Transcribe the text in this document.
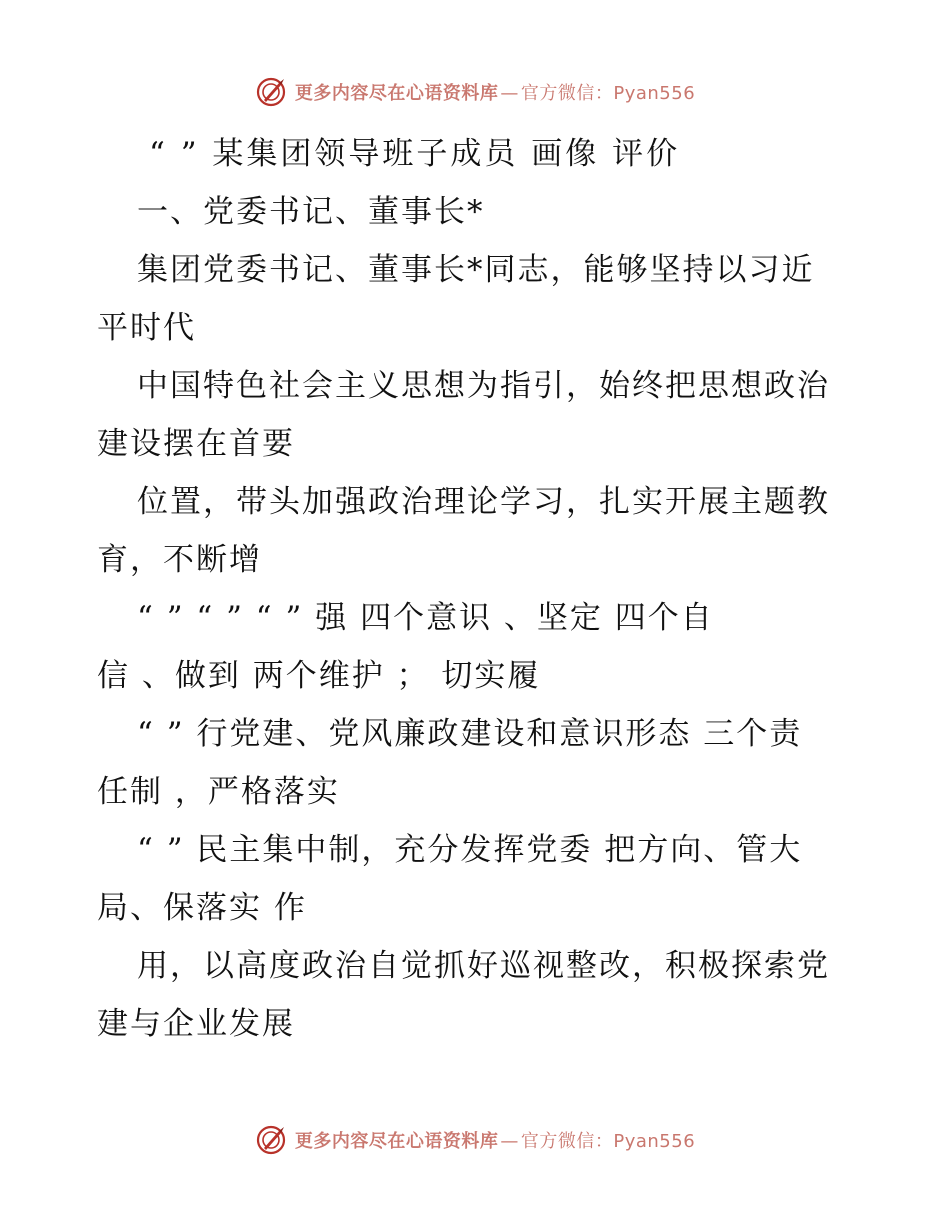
更多内容尽在心语资料库 — 官方微信：Pyan556
“ ” 某集团领导班子成员 画像 评价
一、党委书记、董事长*
集团党委书记、董事长*同志，能够坚持以习近
平时代
中国特色社会主义思想为指引，始终把思想政治
建设摆在首要
位置，带头加强政治理论学习，扎实开展主题教
育，不断增
“ ” “ ” “ ” 强 四个意识 、坚定 四个自
信 、做到 两个维护 ； 切实履
“ ” 行党建、党风廉政建设和意识形态 三个责
任制 ，严格落实
“ ” 民主集中制，充分发挥党委 把方向、管大
局、保落实 作
用，以高度政治自觉抓好巡视整改，积极探索党
建与企业发展
更多内容尽在心语资料库 — 官方微信：Pyan556
